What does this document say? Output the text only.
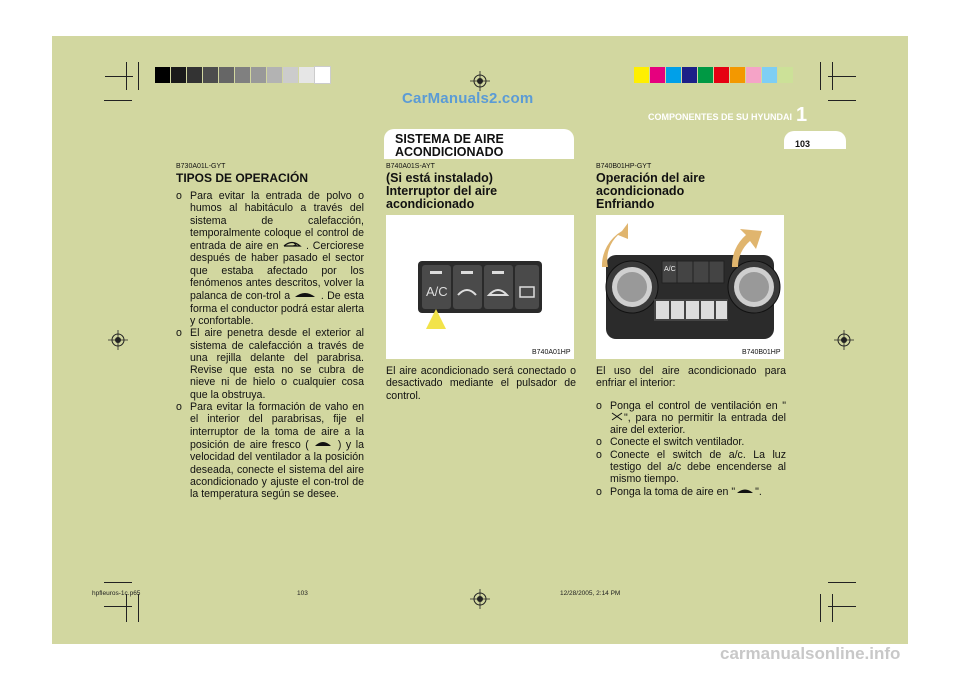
CarManuals2.com
COMPONENTES DE SU HYUNDAI 1
SISTEMA DE AIRE ACONDICIONADO
103
B730A01L-GYT
TIPOS DE OPERACIÓN
o Para evitar la entrada de polvo o humos al habitáculo a través del sistema de calefacción, temporalmente coloque el control de entrada de aire en	. Cerciorese después de haber pasado el sector que estaba afectado por los fenómenos antes descritos, volver la palanca de con-trol a	. De esta forma el conductor podrá estar alerta y confortable.
o El aire penetra desde el exterior al sistema de calefacción a través de una rejilla delante del parabrisa. Revise que esta no se cubra de nieve ni de hielo o cualquier cosa que la obstruya.
o Para evitar la formación de vaho en el interior del parabrisas, fije el interruptor de la toma de aire a la posición de aire fresco (	) y la velocidad del ventilador a la posición deseada, conecte el sistema del aire acondicionado y ajuste el con-trol de la temperatura según se desee.
B740A01S-AYT
(Si está instalado) Interruptor del aire acondicionado
A/C
B740A01HP
El aire acondicionado será conectado o desactivado mediante el pulsador de control.
B740B01HP-GYT
Operación del aire
acondicionado
Enfriando
A/C
B740B01HP

El uso del aire acondicionado para enfriar el interior:

o Ponga el control de ventilación en "", para no permitir la entrada del aire del exterior.
o Conecte el switch ventilador.
o Conecte el switch de a/c. La luz testigo del a/c debe encenderse al mismo tiempo.
o Ponga la toma de aire en " ".
hpfleuros-1c.p65	103	12/28/2005, 2:14 PM
carmanualsonline.info
